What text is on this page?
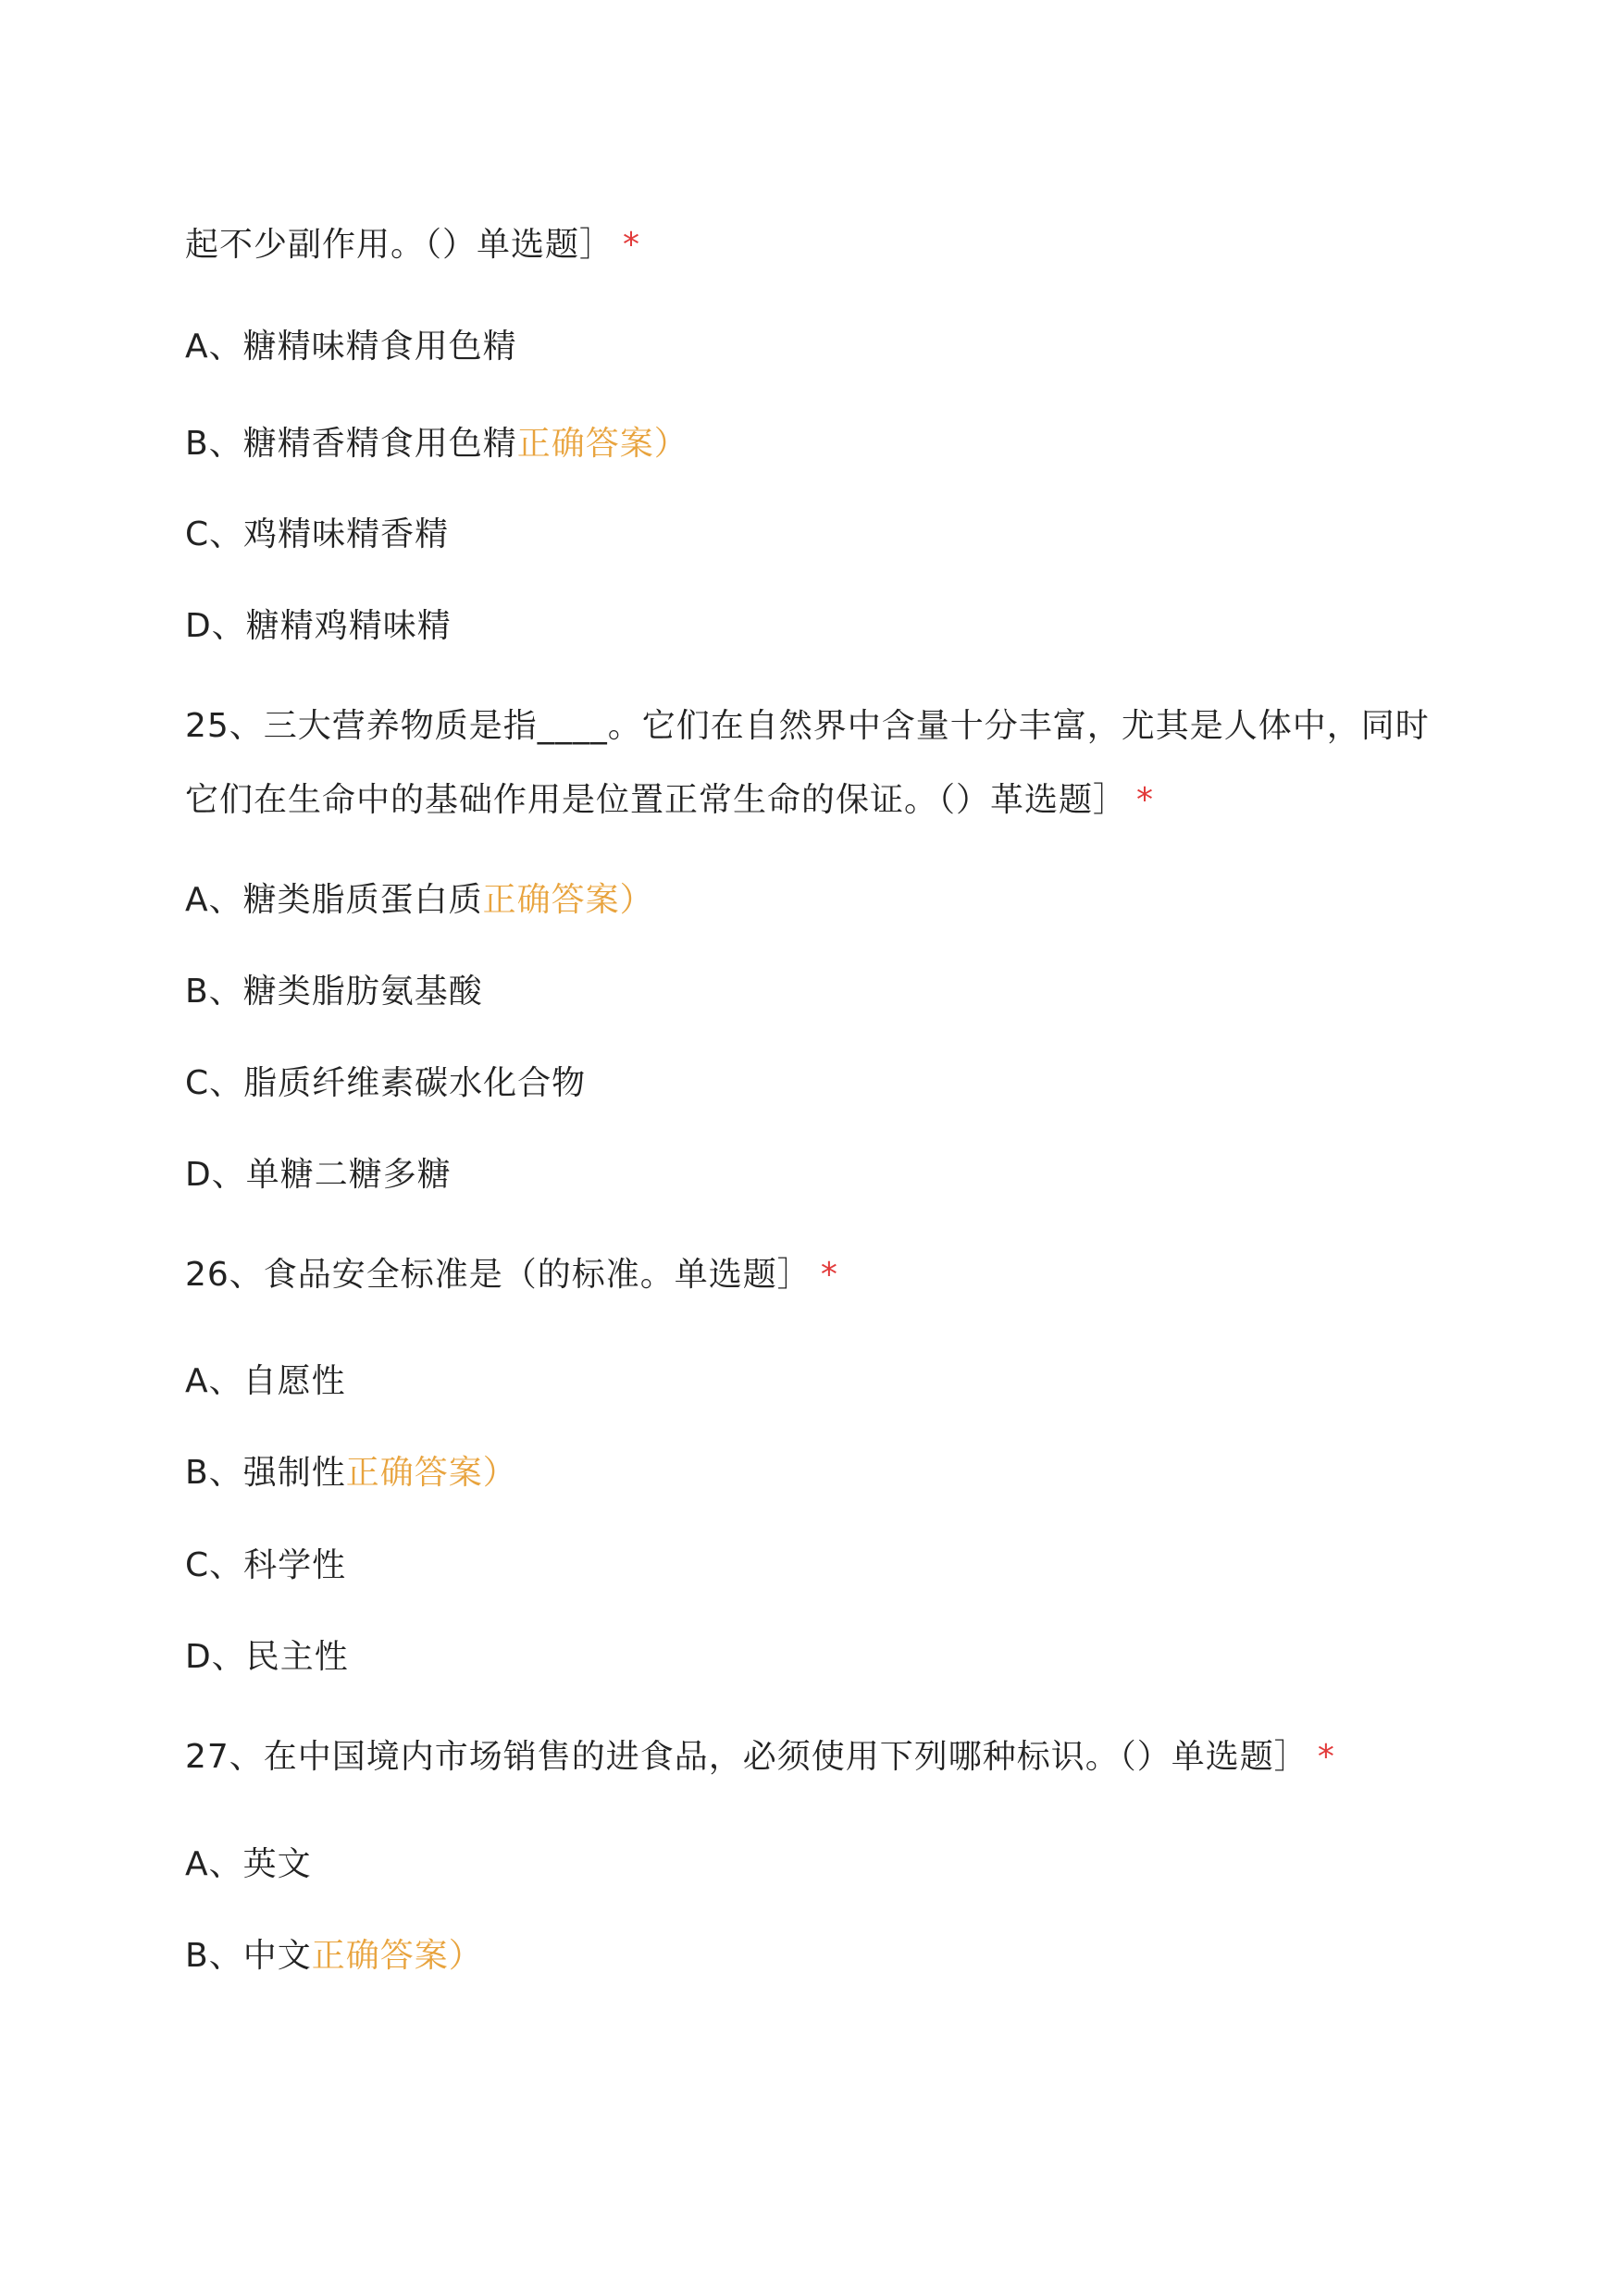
起不少副作用。（）单选题］ *
A、糖精味精食用色精
B、糖精香精食用色精正确答案）
C、鸡精味精香精
D、糖精鸡精味精
25、三大营养物质是指____。它们在自然界中含量十分丰富，尤其是人体中，同时
它们在生命中的基础作用是位置正常生命的保证。（）革选题］ *
A、糖类脂质蛋白质正确答案）
B、糖类脂肪氨基酸
C、脂质纤维素碳水化合物
D、单糖二糖多糖
26、食品安全标准是（的标准。单选题］ *
A、自愿性
B、强制性正确答案）
C、科学性
D、民主性
27、在中国境内市场销售的进食品，必须使用下列哪种标识。（）单选题］ *
A、英文
B、中文正确答案）
